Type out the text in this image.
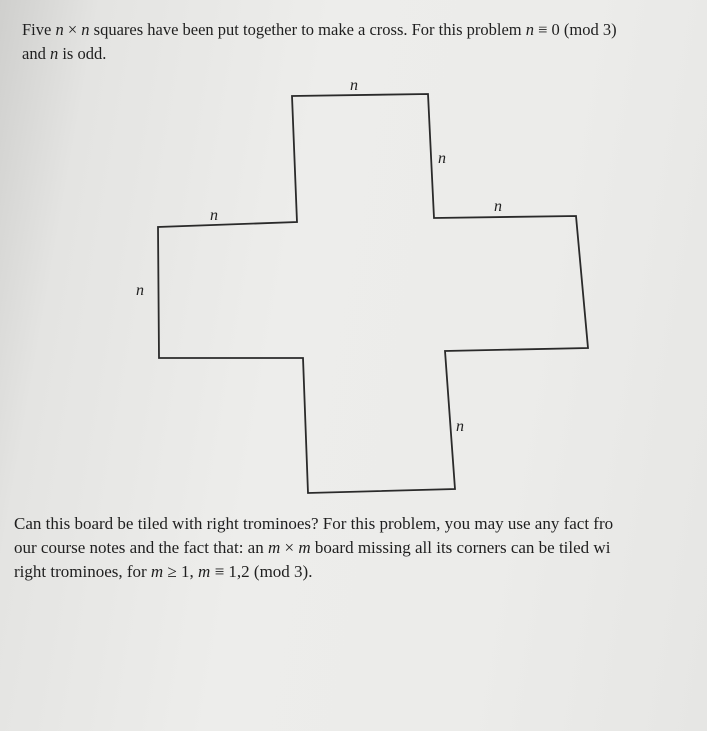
Five n × n squares have been put together to make a cross. For this problem n ≡ 0 (mod 3)
and n is odd.
n
n
n
n
n
n
Can this board be tiled with right trominoes? For this problem, you may use any fact fro
our course notes and the fact that: an m × m board missing all its corners can be tiled wi
right trominoes, for m ≥ 1, m ≡ 1,2 (mod 3).
